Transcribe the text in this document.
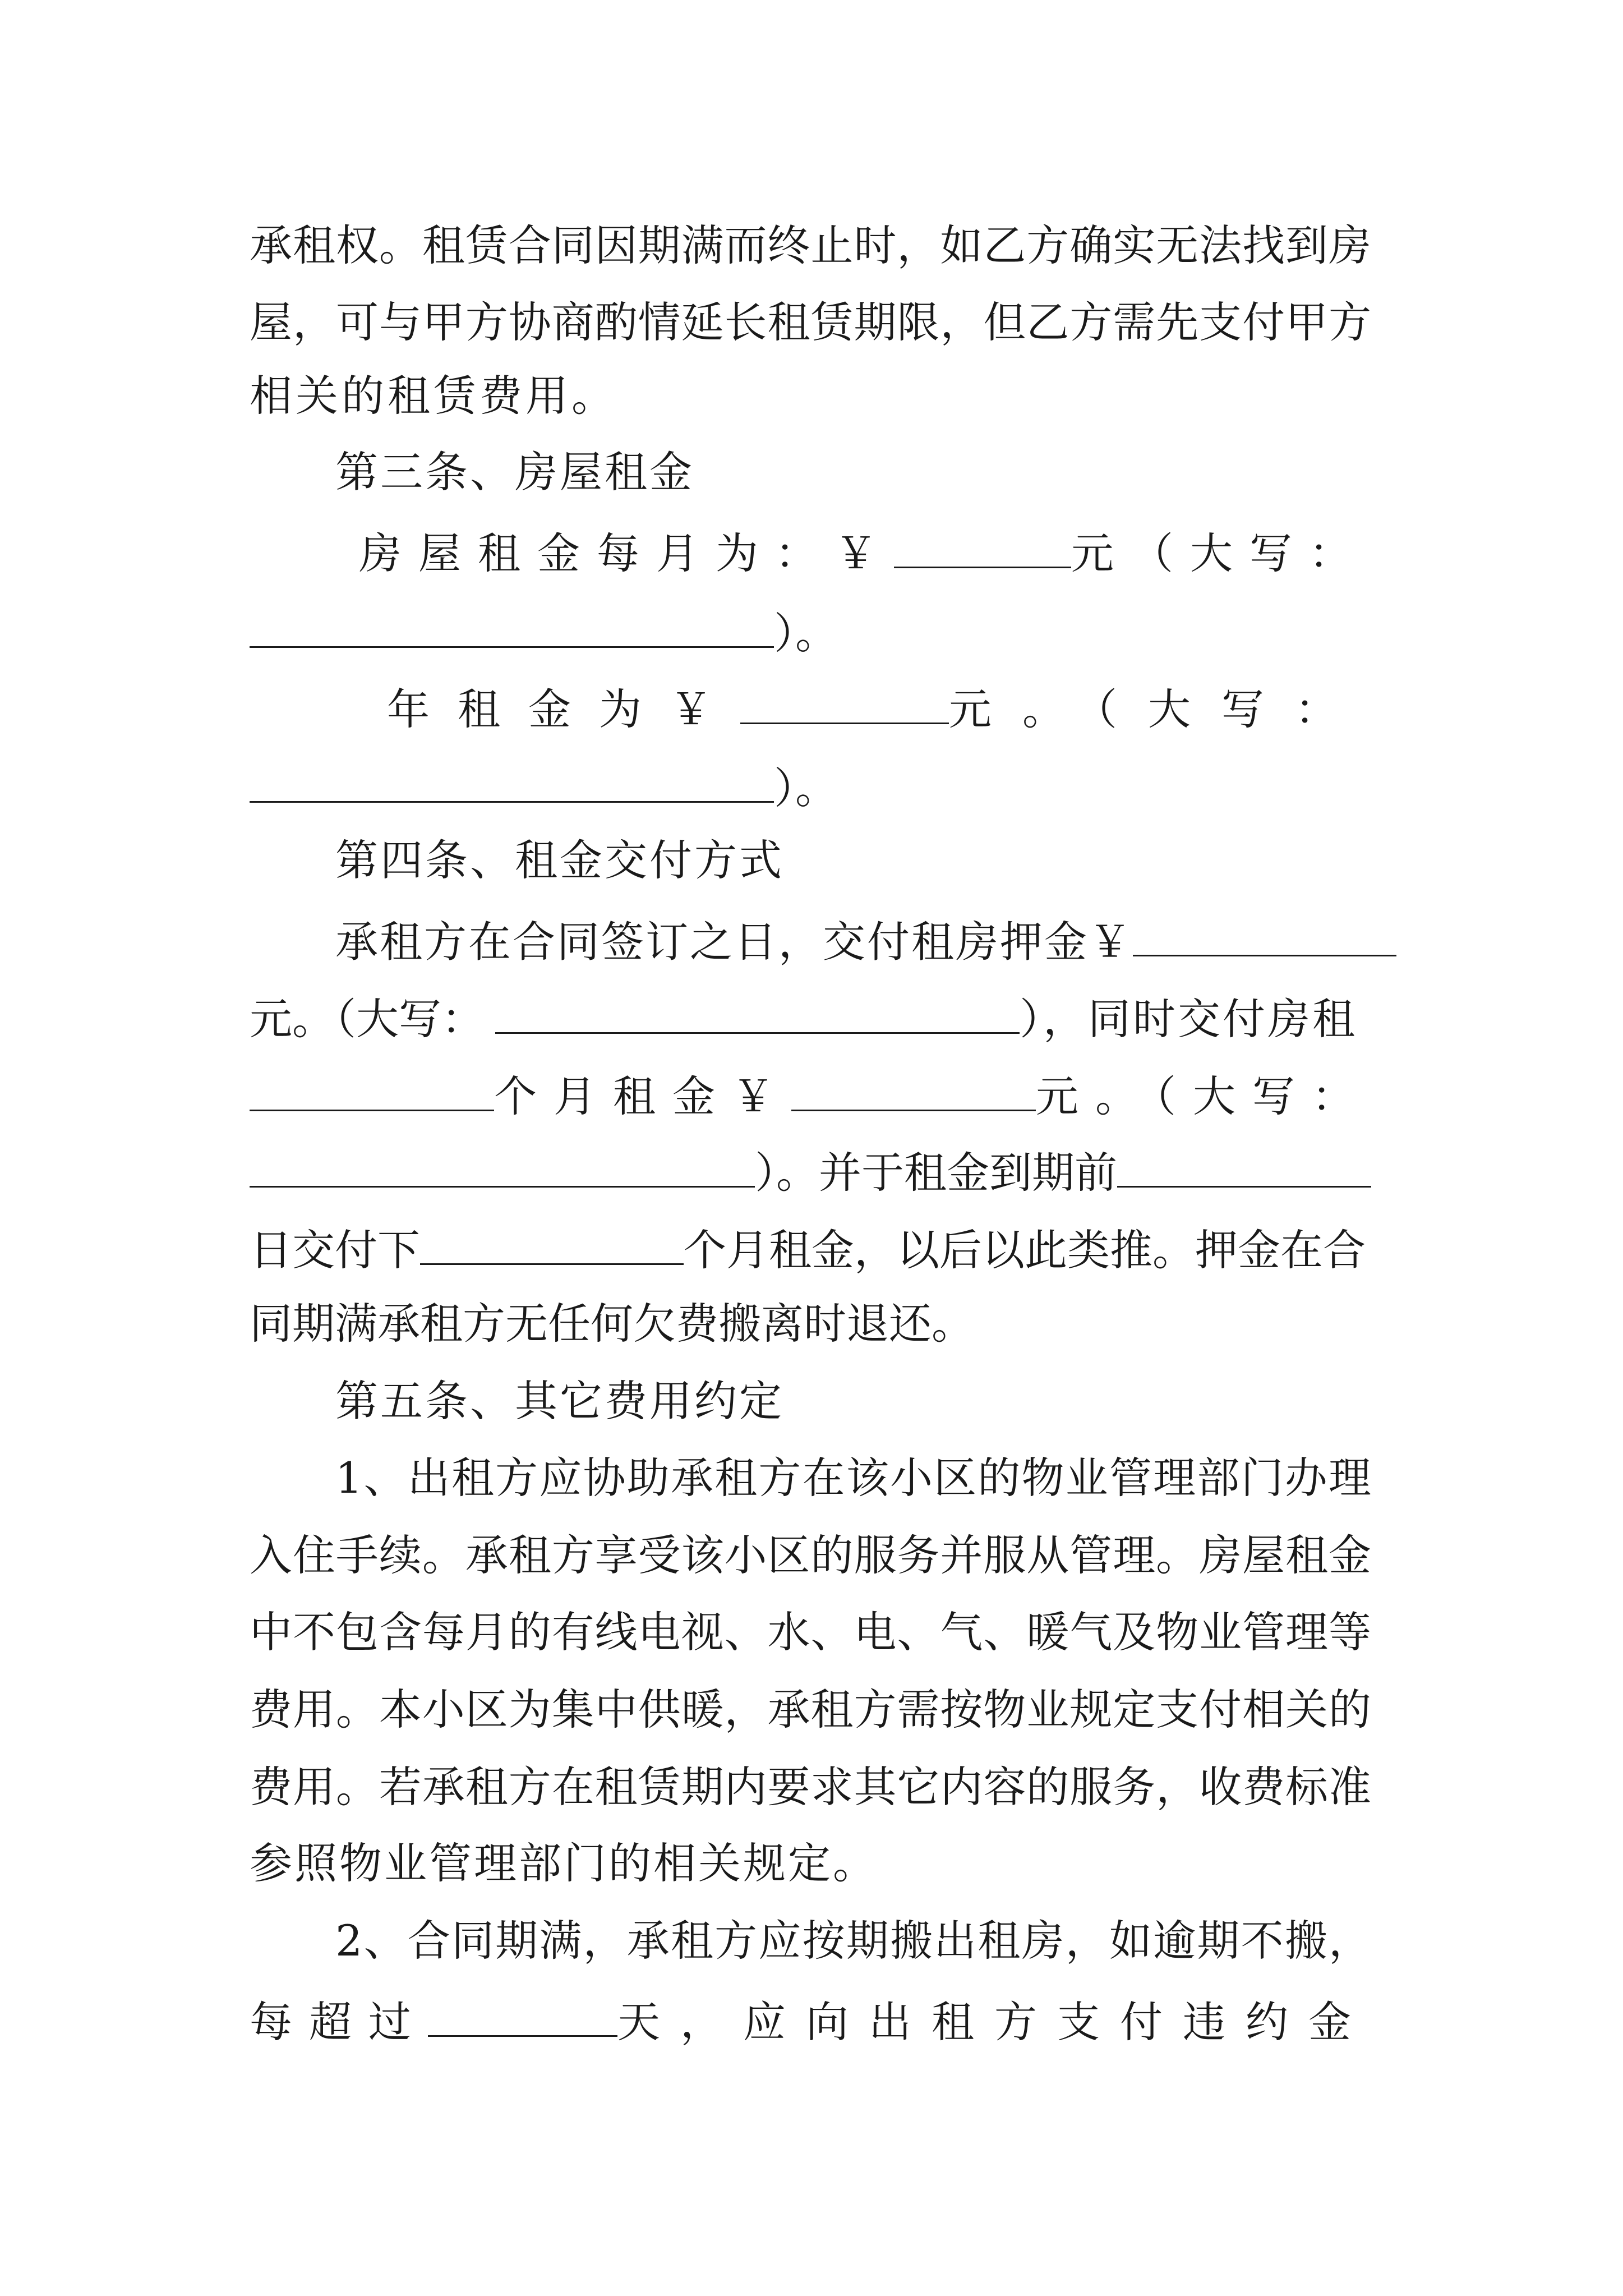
承租权。租赁合同因期满而终止时，如乙方确实无法找到房
屋，可与甲方协商酌情延长租赁期限，但乙方需先支付甲方
相关的租赁费用。
第三条、房屋租金
房屋租金每月为：￥	元（大写：
）。
年租金为￥	元。（大写：
）。
第四条、租金交付方式
承租方在合同签订之日，交付租房押金￥
元。（大写：	），同时交付房租
个月租金￥	元。（大写：
）。并于租金到期前
日交付下	个月租金，以后以此类推。押金在合
同期满承租方无任何欠费搬离时退还。
第五条、其它费用约定
1、出租方应协助承租方在该小区的物业管理部门办理
入住手续。承租方享受该小区的服务并服从管理。房屋租金
中不包含每月的有线电视、水、电、气、暖气及物业管理等
费用。本小区为集中供暖，承租方需按物业规定支付相关的
费用。若承租方在租赁期内要求其它内容的服务，收费标准
参照物业管理部门的相关规定。
2、合同期满，承租方应按期搬出租房，如逾期不搬，
每超过	天，应向出租方支付违约金
